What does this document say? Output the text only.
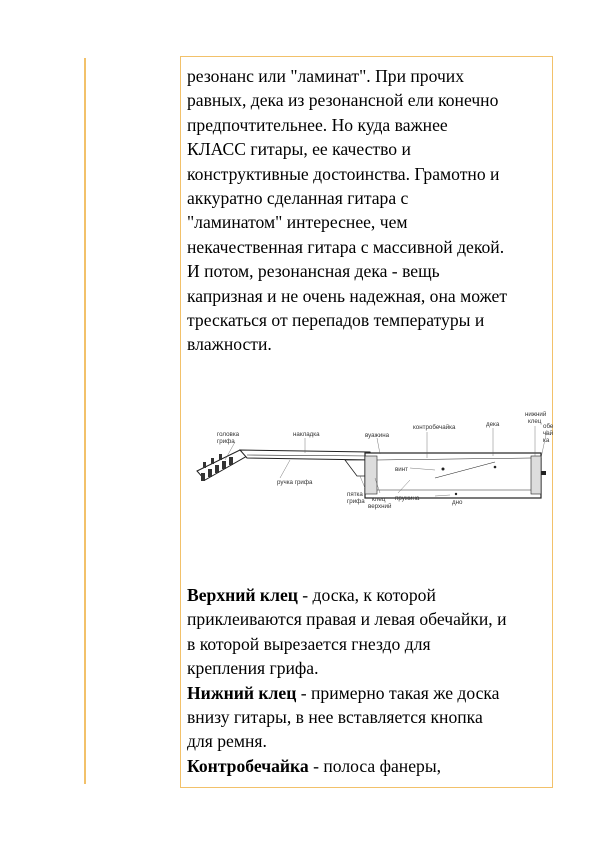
резонанс или "ламинат". При прочих
равных, дека из резонансной ели конечно
предпочтительнее. Но куда важнее
КЛАСС гитары, ее качество и
конструктивные достоинства. Грамотно и
аккуратно сделанная гитара с
"ламинатом" интереснее, чем
некачественная гитара с массивной декой.
И потом, резонансная дека - вещь
капризная и не очень надежная, она может
трескаться от перепадов температуры и
влажности.
головка
грифа
накладка
ручка грифа
пятка
грифа клец
верхний
винт
пружина
дно
вуажина
контробечайка	дека
нижний
клец
обе
чай
ка
Верхний клец - доска, к которой
приклеиваются правая и левая обечайки, и
в которой вырезается гнездо для
крепления грифа.
Нижний клец - примерно такая же доска
внизу гитары, в нее вставляется кнопка
для ремня.
Контробечайка - полоса фанеры,
